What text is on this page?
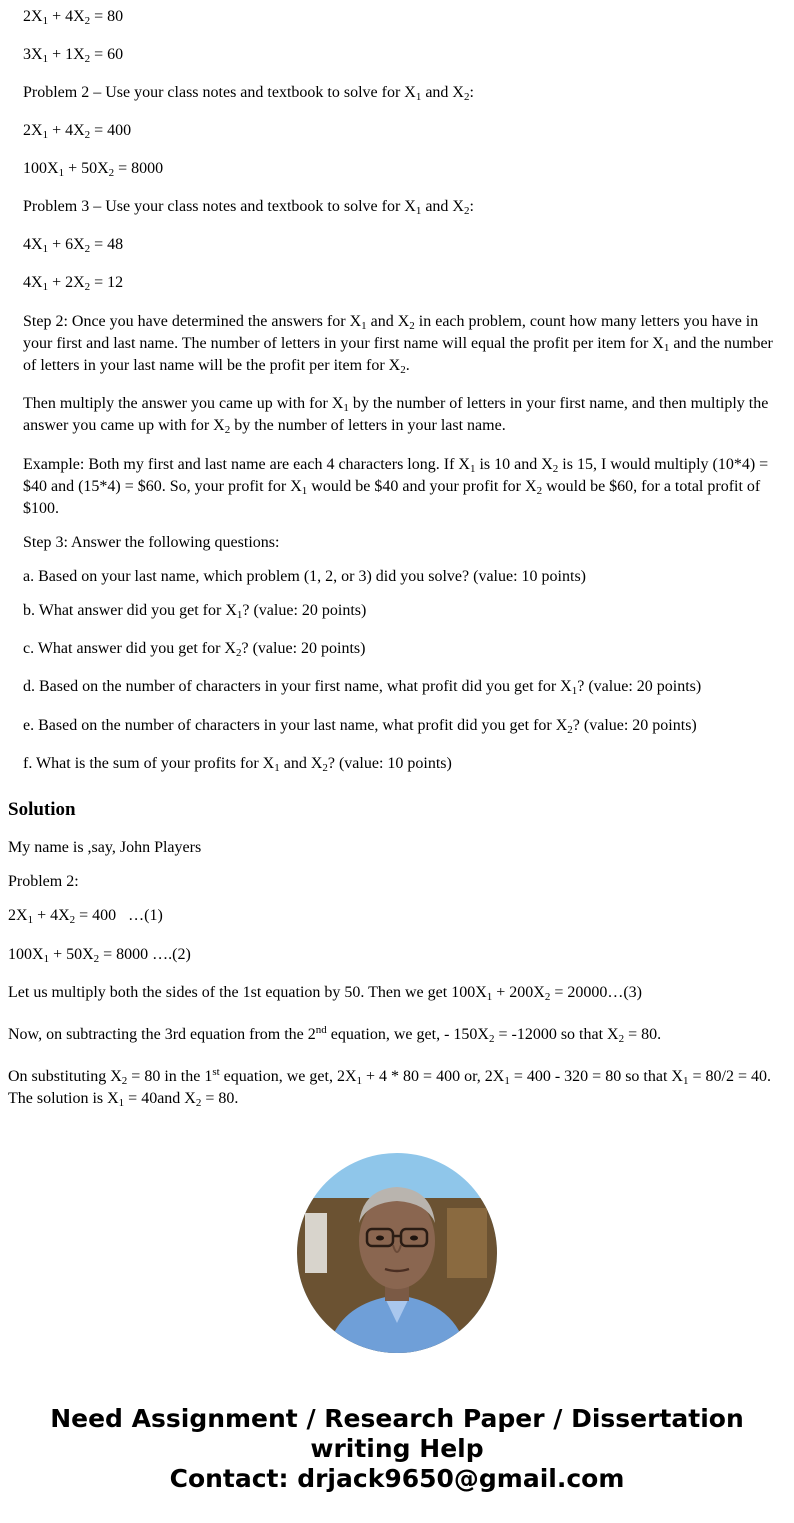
$2X_1 + 4X_2 = 80$

$3X_1 + 1X_2 = 60$

Problem 2 – Use your class notes and textbook to solve for $X_1$ and $X_2$:

$2X_1 + 4X_2 = 400$

$100X_1 + 50X_2 = 8000$

Problem 3 – Use your class notes and textbook to solve for $X_1$ and $X_2$:

$4X_1 + 6X_2 = 48$

$4X_1 + 2X_2 = 12$

Step 2: Once you have determined the answers for $X_1$ and $X_2$ in each problem, count how many letters you have in your first and last name. The number of letters in your first name will equal the profit per item for $X_1$ and the number of letters in your last name will be the profit per item for $X_2$.

Then multiply the answer you came up with for $X_1$ by the number of letters in your first name, and then multiply the answer you came up with for $X_2$ by the number of letters in your last name.

Example: Both my first and last name are each 4 characters long. If $X_1$ is 10 and $X_2$ is 15, I would multiply (10*4) = $40 and (15*4) = $60. So, your profit for $X_1$ would be $40 and your profit for $X_2$ would be $60, for a total profit of $100.

Step 3: Answer the following questions:

a. Based on your last name, which problem (1, 2, or 3) did you solve? (value: 10 points)

b. What answer did you get for $X_1$? (value: 20 points)

c. What answer did you get for $X_2$? (value: 20 points)

d. Based on the number of characters in your first name, what profit did you get for $X_1$? (value: 20 points)

e. Based on the number of characters in your last name, what profit did you get for $X_2$? (value: 20 points)

f. What is the sum of your profits for $X_1$ and $X_2$? (value: 10 points)

Solution

My name is ,say, John Players

Problem 2:

$2X_1 + 4X_2 = 400$   …(1)

$100X_1 + 50X_2 = 8000$ ….(2)

Let us multiply both the sides of the 1st equation by 50. Then we get $100X_1 + 200X_2$ = 20000…(3)

Now, on subtracting the 3rd equation from the 2nd equation, we get, - $150X_2 = -12000$ so that $X_2 = 80$.

On substituting $X_2 = 80$ in the 1st equation, we get, $2X_1 + 4 * 80 = 400$ or, $2X_1 = 400 - 320 = 80$ so that $X_1 = 80/2 = 40$. The solution is $X_1 = 40and$ $X_2 = 80$.

Need Assignment / Research Paper / Dissertation
writing Help
Contact: drjack9650@gmail.com
